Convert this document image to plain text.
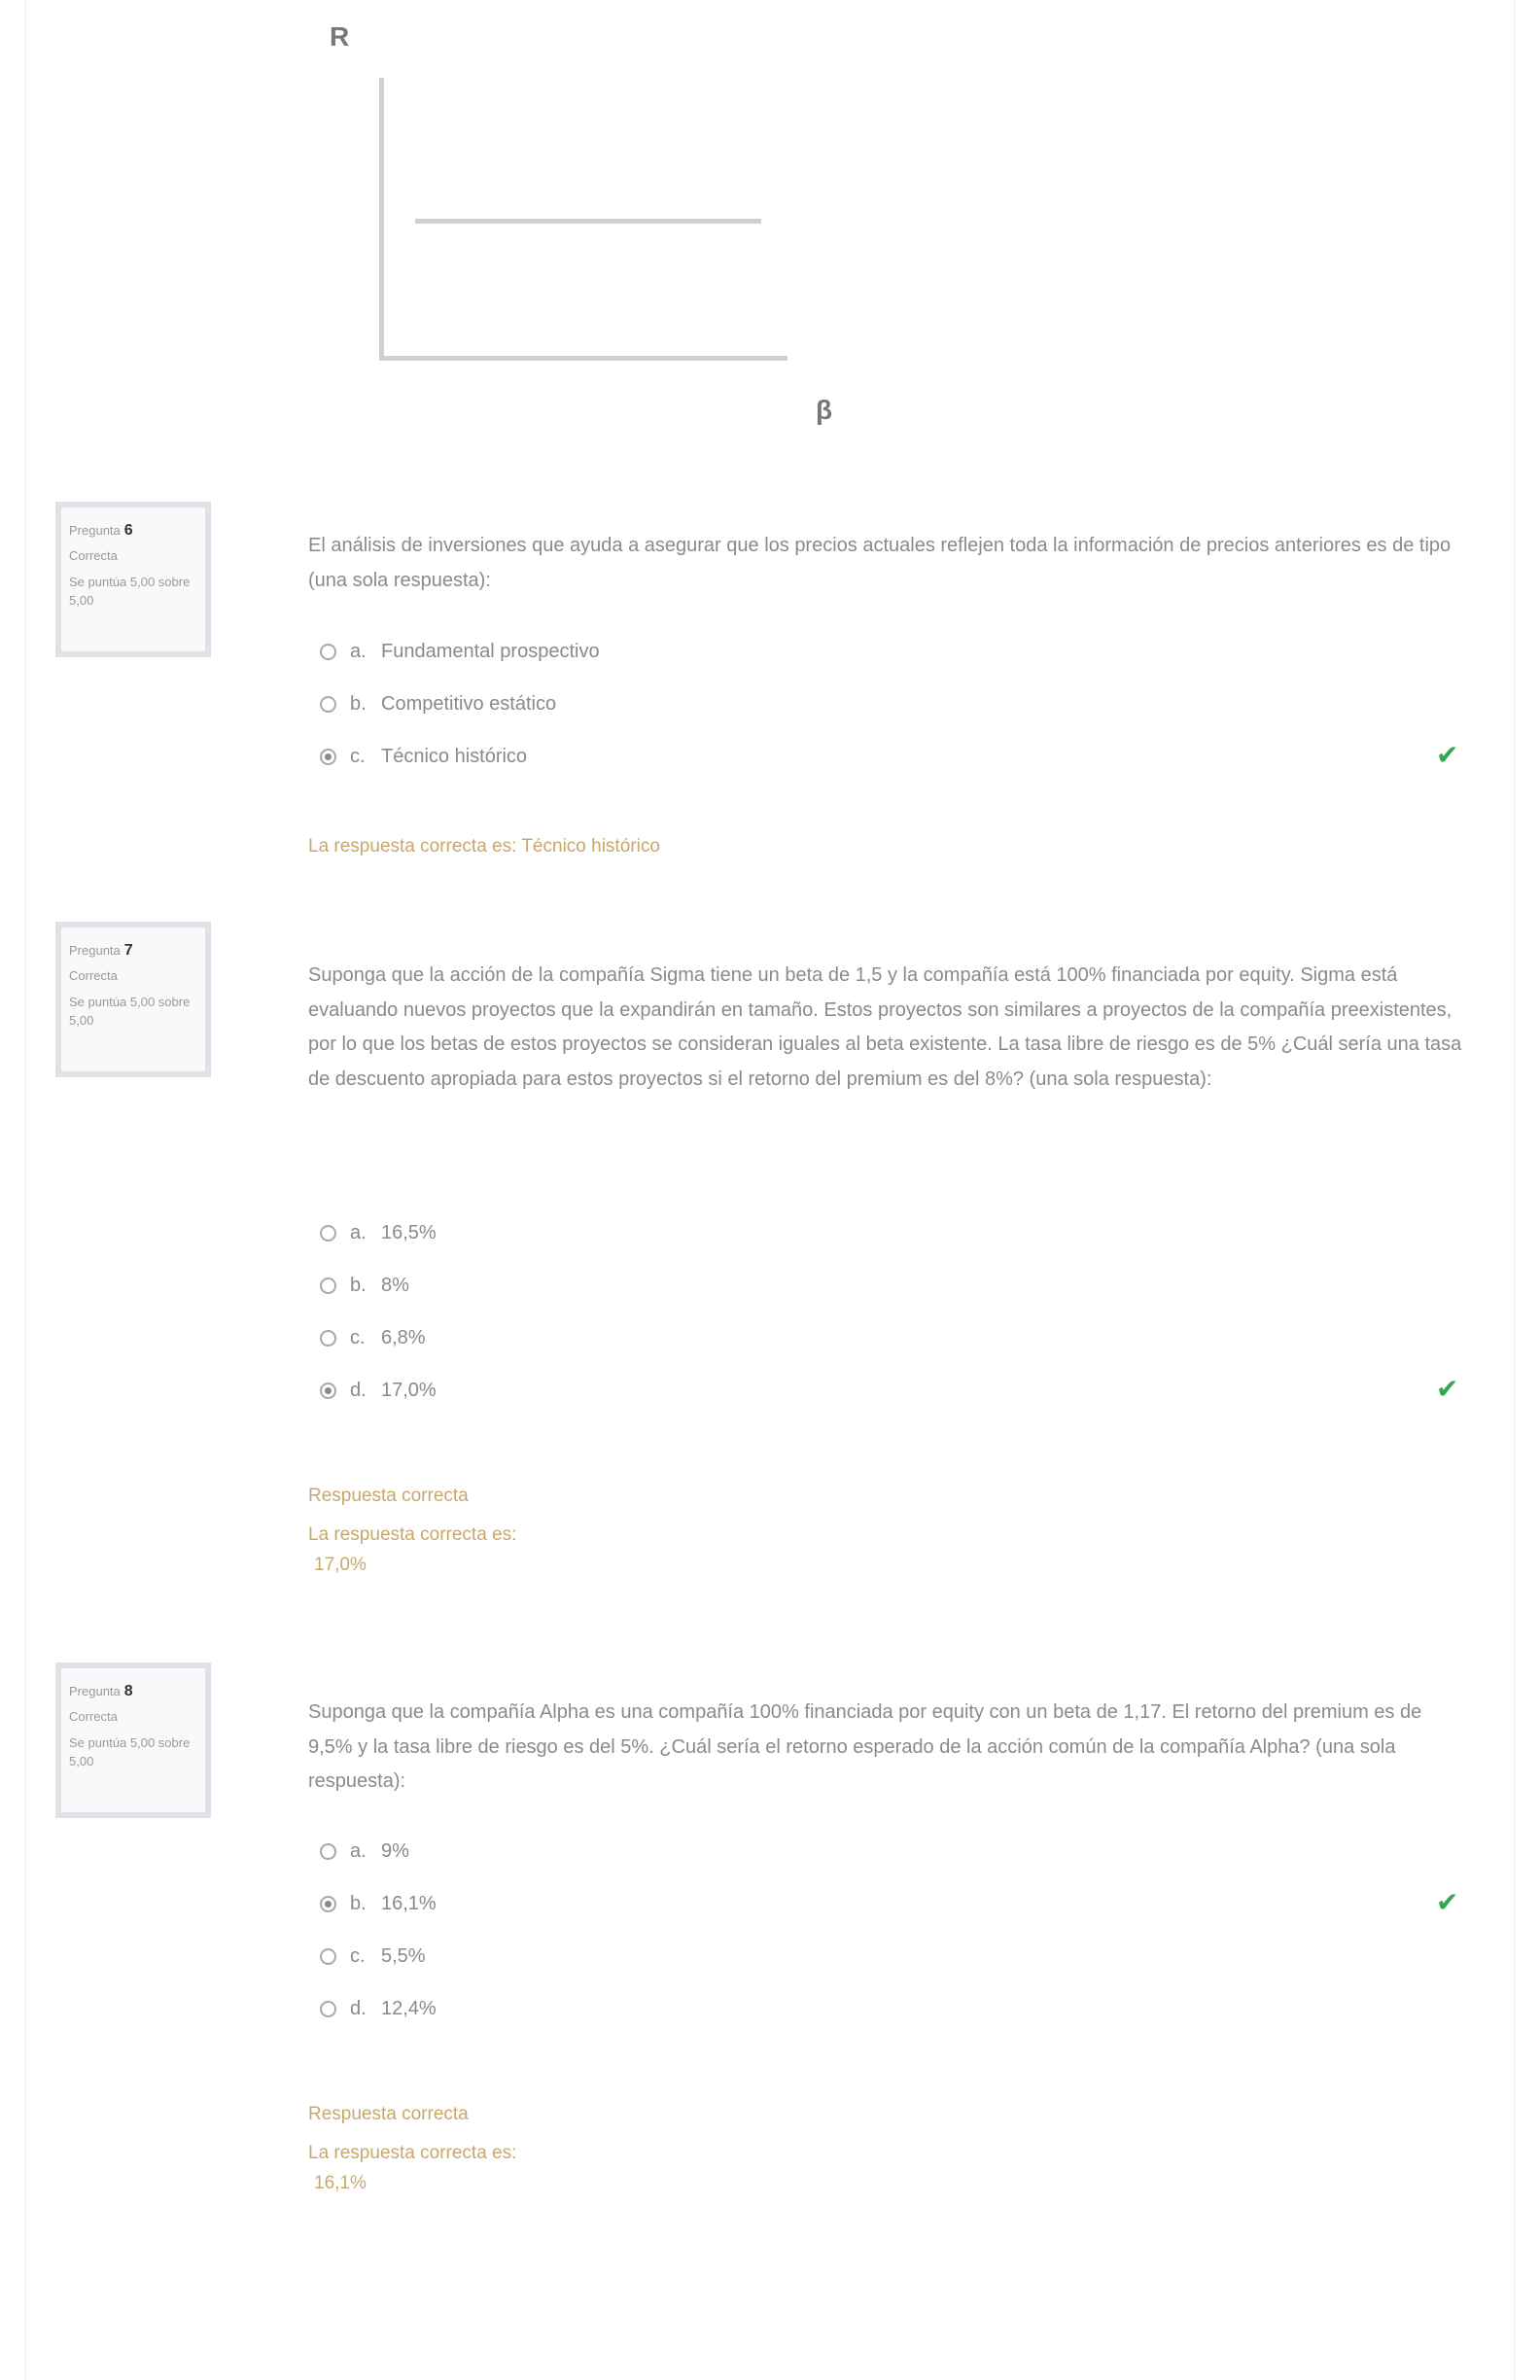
R
β
Pregunta 6
Correcta
Se puntúa 5,00 sobre 5,00
El análisis de inversiones que ayuda a asegurar que los precios actuales reflejen toda la información de precios anteriores es de tipo (una sola respuesta):
a. Fundamental prospectivo
b. Competitivo estático
c. Técnico histórico	✔
La respuesta correcta es: Técnico histórico
Pregunta 7
Correcta
Se puntúa 5,00 sobre 5,00
Suponga que la acción de la compañía Sigma tiene un beta de 1,5 y la compañía está 100% financiada por equity. Sigma está evaluando nuevos proyectos que la expandirán en tamaño. Estos proyectos son similares a proyectos de la compañía preexistentes, por lo que los betas de estos proyectos se consideran iguales al beta existente. La tasa libre de riesgo es de 5% ¿Cuál sería una tasa de descuento apropiada para estos proyectos si el retorno del premium es del 8%? (una sola respuesta):
a. 16,5%
b. 8%
c. 6,8%
d. 17,0%	✔
Respuesta correcta
La respuesta correcta es:
17,0%
Pregunta 8
Correcta
Se puntúa 5,00 sobre 5,00
Suponga que la compañía Alpha es una compañía 100% financiada por equity con un beta de 1,17. El retorno del premium es de 9,5% y la tasa libre de riesgo es del 5%. ¿Cuál sería el retorno esperado de la acción común de la compañía Alpha? (una sola respuesta):
a. 9%
b. 16,1%	✔
c. 5,5%
d. 12,4%
Respuesta correcta
La respuesta correcta es:
16,1%
